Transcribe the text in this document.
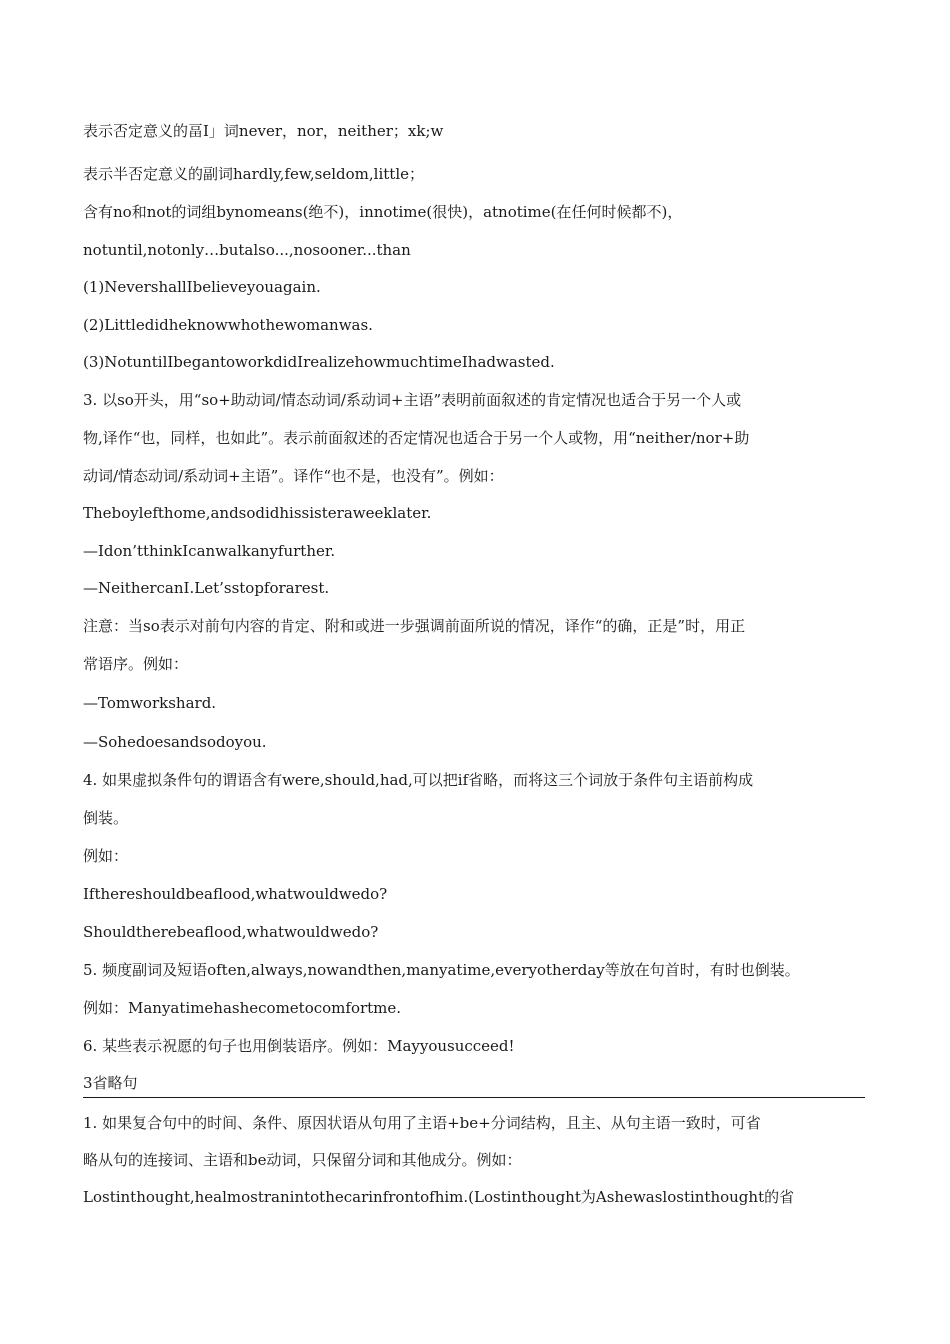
表示否定意义的畐I」词never，nor，neither；xk;w
表示半否定意义的副词hardly,few,seldom,little；
含有no和not的词组bynomeans(绝不)，innotime(很快)，atnotime(在任何时候都不)，
notuntil,notonly…butalso...,nosooner...than
(1)NevershallIbelieveyouagain.
(2)Littledidheknowwhothewomanwas.
(3)NotuntilIbegantoworkdidIrealizehowmuchtimeIhadwasted.
3. 以so开头，用“so+助动词/情态动词/系动词+主语”表明前面叙述的肯定情况也适合于另一个人或
物,译作“也，同样，也如此”。表示前面叙述的否定情况也适合于另一个人或物，用“neither/nor+助
动词/情态动词/系动词+主语”。译作“也不是，也没有”。例如：
Theboylefthome,andsodidhissisteraweeklater.
—Idon’tthinkIcanwalkanyfurther.
—NeithercanI.Let’sstopforarest.
注意：当so表示对前句内容的肯定、附和或进一步强调前面所说的情况，译作“的确，正是”时，用正
常语序。例如：
—Tomworkshard.
—Sohedoesandsodoyou.
4. 如果虚拟条件句的谓语含有were,should,had,可以把if省略，而将这三个词放于条件句主语前构成
倒装。
例如：
Ifthereshouldbeaflood,whatwouldwedo?
Shouldtherebeaflood,whatwouldwedo?
5. 频度副词及短语often,always,nowandthen,manyatime,everyotherday等放在句首时，有时也倒装。
例如：Manyatimehashecometocomfortme.
6. 某些表示祝愿的句子也用倒装语序。例如：Mayyousucceed!
3省略句
1. 如果复合句中的时间、条件、原因状语从句用了主语+be+分词结构，且主、从句主语一致时，可省
略从句的连接词、主语和be动词，只保留分词和其他成分。例如：
Lostinthought,healmostranintothecarinfrontofhim.(Lostinthought为Ashewaslostinthought的省
